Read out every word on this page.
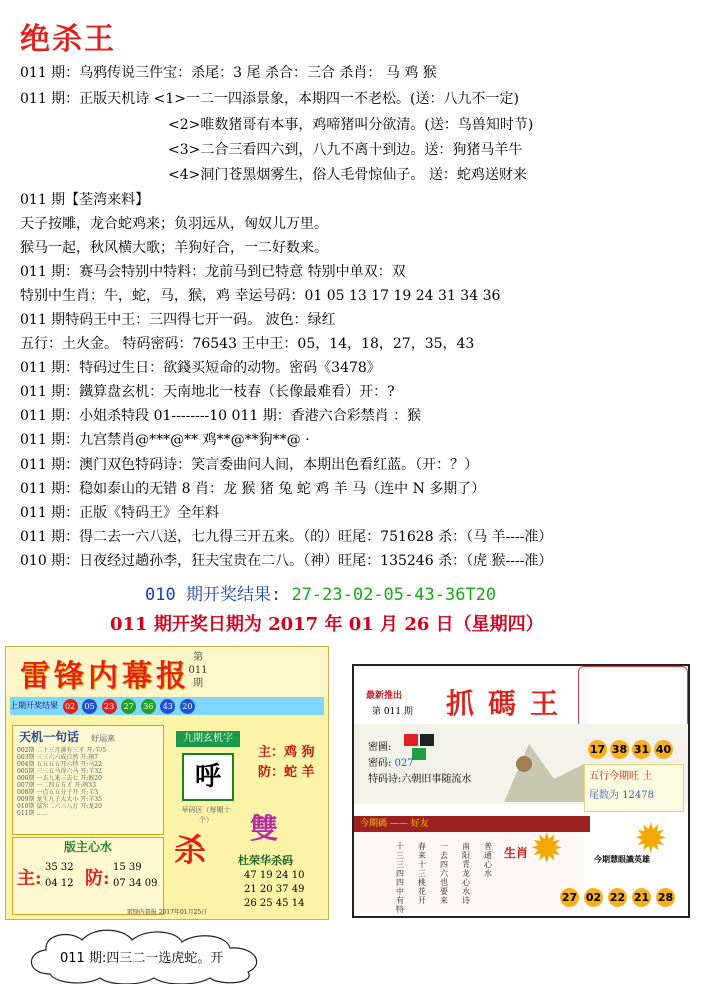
绝杀王
011 期：乌鸦传说三件宝：杀尾：3 尾 杀合：三合 杀肖： 马 鸡 猴
011 期：正版天机诗 <1>一二一四添景象，本期四一不老松。(送：八九不一定)
<2>唯数猪哥有本事，鸡啼猪叫分欲清。(送：鸟兽知时节)
<3>二合三看四六到，八九不离十到边。送：狗猪马羊牛
<4>洞门苍黑烟雾生，俗人毛骨惊仙子。 送：蛇鸡送财来
011 期【荃湾来料】
天子按雕，龙合蛇鸡来；负羽远从，匈奴儿万里。
猴马一起，秋风横大歌；羊狗好合，一二好数来。
011 期：赛马会特别中特料：龙前马到已特意 特别中单双：双
特别中生肖：牛，蛇，马，猴，鸡 幸运号码：01 05 13 17 19 24 31 34 36
011 期特码王中王：三四得七开一码。 波色：绿红
五行：土火金。 特码密码：76543 王中王：05，14，18，27，35，43
011 期：特码过生日：欲錢买短命的动物。密码《3478》
011 期：鐵算盘玄机：天南地北一枝春（长像最难看）开：?
011 期：小姐杀特段 01--------10 011 期：香港六合彩禁肖 ：猴
011 期：九宫禁肖@***@** 鸡**@**狗**@ ·
011 期：澳门双色特码诗：笑言委曲问人间，本期出色看红蓝。（开：？）
011 期：稳如泰山的无错 8 肖：龙 猴 猪 兔 蛇 鸡 羊 马（连中 N 多期了）
011 期：正版《特码王》全年料
011 期：得二去一六八送，七九得三开五来。（的）旺尾：751628 杀：（马 羊----准）
010 期：日夜经过趟孙李，狂夫宝贵在二八。（神）旺尾：135246 杀：（虎 猴----准）
010 期开奖结果: 27-23-02-05-43-36T20
011 期开奖日期为 2017 年 01 月 26 日（星期四）
雷锋内幕报
第011期
上期开奖结果 02 05 23 27 36 43 20
天机一句话　 好运来
002期 二十三月满有三才 开:羊/5
003期 三三六六成自然 开:猪7
004期 五五五五开六特 开:马22
005期 三三五马得六马 开:羊32
006期 一去九来三去七 开:猴20
007期 一二四五方才 开:鸡33
008期 一点五五分子开 开:羊3
009期 龙生九子大大小 开:羊35
010期 鼠尔二六三八万 开:龙20
011期 ......
版主心水
主:
35 32
04 12 防:
15 39
07 34 09
九期玄机字
呼
早码区（每期十个）
主：鸡 狗
防：蛇 羊
雙
杀	杜荣华杀码
47 19 24 10
21 20 37 49
26 25 45 14
雷锋内幕报 2017年01月25日
最新推出
第 011 期 抓碼王
密圖:
密码: 027
特码诗:六朝旧事随流水
17 38 31 40
五行今期旺 土
尾数为 12478
今期碼 —— 好友
十三三四四中有特
春来十三桃花开
一去四六也要来
南阳青龙心水诗
普通心水
生肖 ✹ ✹
今期慧眼識英雄
27 02 22 21 28
011 期:四三二一选虎蛇。开
